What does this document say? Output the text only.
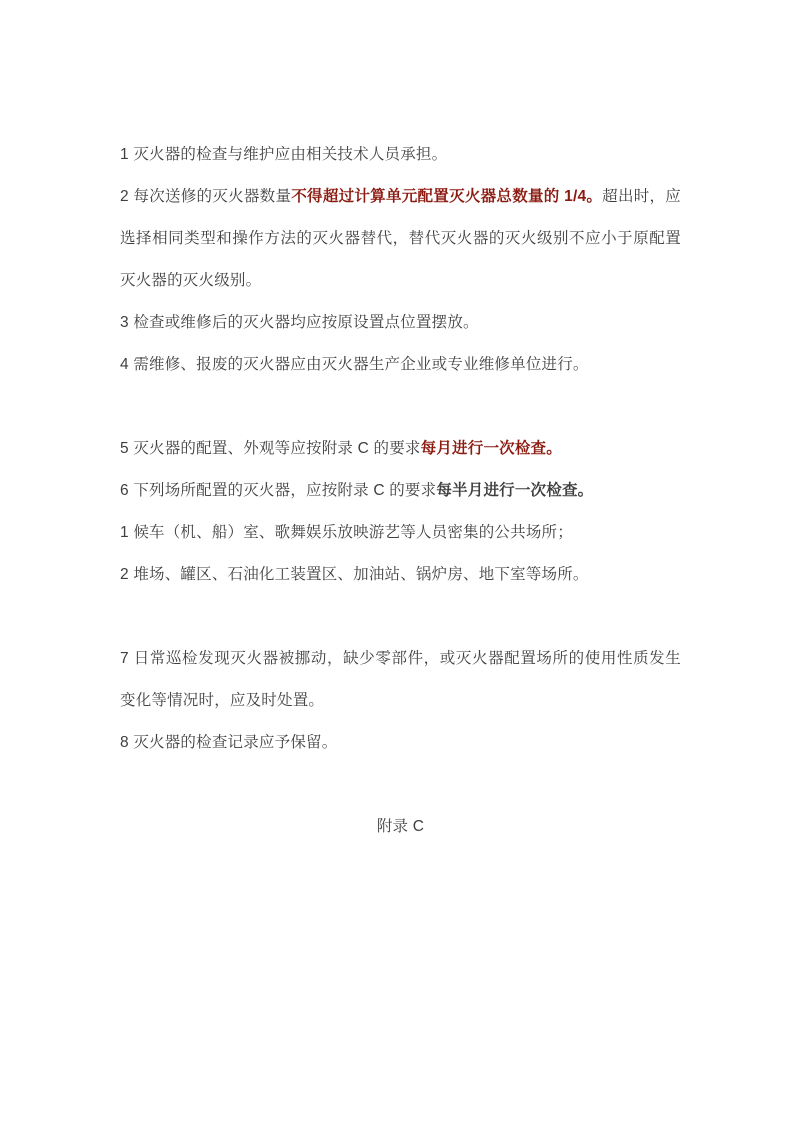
1 灭火器的检查与维护应由相关技术人员承担。

2 每次送修的灭火器数量不得超过计算单元配置灭火器总数量的 1/4。超出时，应选择相同类型和操作方法的灭火器替代，替代灭火器的灭火级别不应小于原配置灭火器的灭火级别。

3 检查或维修后的灭火器均应按原设置点位置摆放。

4 需维修、报废的灭火器应由灭火器生产企业或专业维修单位进行。

5 灭火器的配置、外观等应按附录 C 的要求每月进行一次检查。

6 下列场所配置的灭火器，应按附录 C 的要求每半月进行一次检查。

1 候车（机、船）室、歌舞娱乐放映游艺等人员密集的公共场所；

2 堆场、罐区、石油化工装置区、加油站、锅炉房、地下室等场所。

7 日常巡检发现灭火器被挪动，缺少零部件，或灭火器配置场所的使用性质发生变化等情况时，应及时处置。

8 灭火器的检查记录应予保留。

附录 C
